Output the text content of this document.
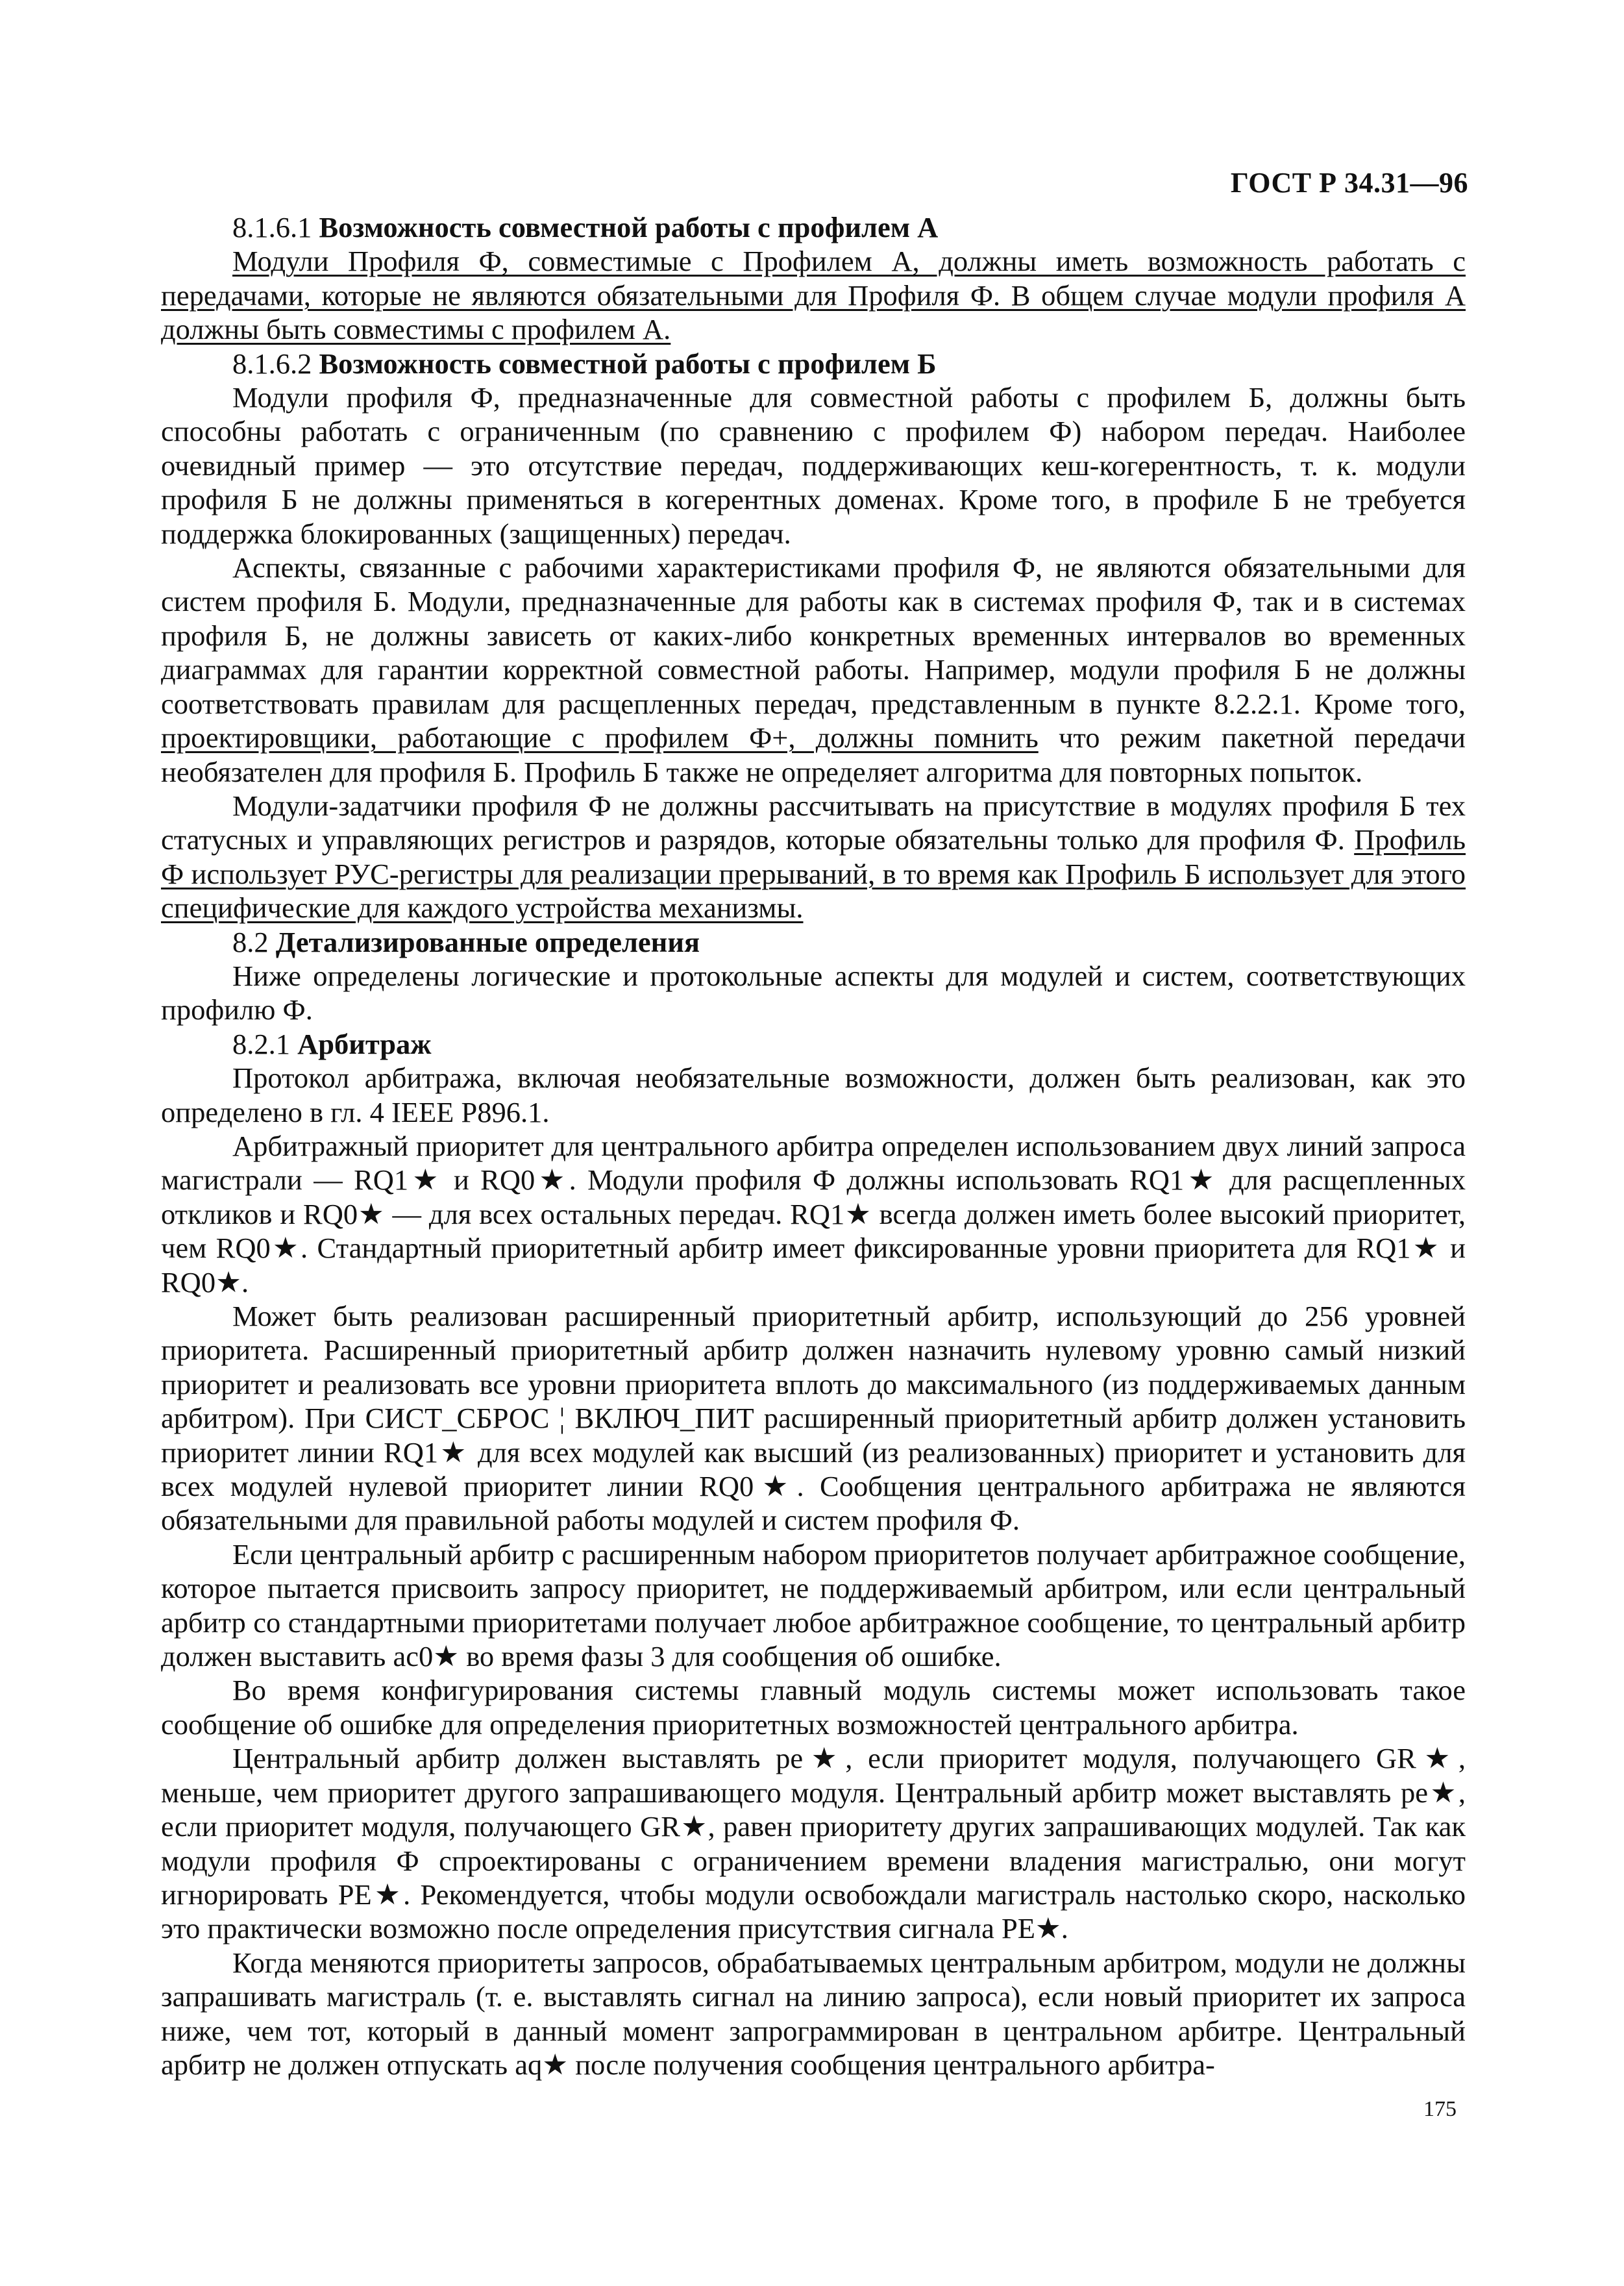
ГОСТ Р 34.31—96
8.1.6.1 Возможность совместной работы с профилем А

Модули Профиля Ф, совместимые с Профилем А, должны иметь возможность работать с передачами, которые не являются обязательными для Профиля Ф. В общем случае модули профиля А должны быть совместимы с профилем А.

8.1.6.2 Возможность совместной работы с профилем Б

Модули профиля Ф, предназначенные для совместной работы с профилем Б, должны быть способны работать с ограниченным (по сравнению с профилем Ф) набором передач. Наиболее очевидный пример — это отсутствие передач, поддерживающих кеш-когерентность, т. к. модули профиля Б не должны применяться в когерентных доменах. Кроме того, в профиле Б не требуется поддержка блокированных (защищенных) передач.

Аспекты, связанные с рабочими характеристиками профиля Ф, не являются обязательными для систем профиля Б. Модули, предназначенные для работы как в системах профиля Ф, так и в системах профиля Б, не должны зависеть от каких-либо конкретных временных интервалов во временных диаграммах для гарантии корректной совместной работы. Например, модули профиля Б не должны соответствовать правилам для расщепленных передач, представленным в пункте 8.2.2.1. Кроме того, проектировщики, работающие с профилем Ф+, должны помнить что режим пакетной передачи необязателен для профиля Б. Профиль Б также не определяет алгоритма для повторных попыток.

Модули-задатчики профиля Ф не должны рассчитывать на присутствие в модулях профиля Б тех статусных и управляющих регистров и разрядов, которые обязательны только для профиля Ф. Профиль Ф использует РУС-регистры для реализации прерываний, в то время как Профиль Б использует для этого специфические для каждого устройства механизмы.

8.2 Детализированные определения

Ниже определены логические и протокольные аспекты для модулей и систем, соответствующих профилю Ф.

8.2.1 Арбитраж

Протокол арбитража, включая необязательные возможности, должен быть реализован, как это определено в гл. 4 IEEE P896.1.

Арбитражный приоритет для центрального арбитра определен использованием двух линий запроса магистрали — RQ1★ и RQ0★. Модули профиля Ф должны использовать RQ1★ для расщепленных откликов и RQ0★ — для всех остальных передач. RQ1★ всегда должен иметь более высокий приоритет, чем RQ0★. Стандартный приоритетный арбитр имеет фиксированные уровни приоритета для RQ1★ и RQ0★.

Может быть реализован расширенный приоритетный арбитр, использующий до 256 уровней приоритета. Расширенный приоритетный арбитр должен назначить нулевому уровню самый низкий приоритет и реализовать все уровни приоритета вплоть до максимального (из поддерживаемых данным арбитром). При СИСТ_СБРОС ¦ ВКЛЮЧ_ПИТ расширенный приоритетный арбитр должен установить приоритет линии RQ1★ для всех модулей как высший (из реализованных) приоритет и установить для всех модулей нулевой приоритет линии RQ0★. Сообщения центрального арбитража не являются обязательными для правильной работы модулей и систем профиля Ф.

Если центральный арбитр с расширенным набором приоритетов получает арбитражное сообщение, которое пытается присвоить запросу приоритет, не поддерживаемый арбитром, или если центральный арбитр со стандартными приоритетами получает любое арбитражное сообщение, то центральный арбитр должен выставить ac0★ во время фазы 3 для сообщения об ошибке.

Во время конфигурирования системы главный модуль системы может использовать такое сообщение об ошибке для определения приоритетных возможностей центрального арбитра.

Центральный арбитр должен выставлять pe★, если приоритет модуля, получающего GR★, меньше, чем приоритет другого запрашивающего модуля. Центральный арбитр может выставлять pe★, если приоритет модуля, получающего GR★, равен приоритету других запрашивающих модулей. Так как модули профиля Ф спроектированы с ограничением времени владения магистралью, они могут игнорировать PE★. Рекомендуется, чтобы модули освобождали магистраль настолько скоро, насколько это практически возможно после определения присутствия сигнала PE★.

Когда меняются приоритеты запросов, обрабатываемых центральным арбитром, модули не должны запрашивать магистраль (т. е. выставлять сигнал на линию запроса), если новый приоритет их запроса ниже, чем тот, который в данный момент запрограммирован в центральном арбитре. Центральный арбитр не должен отпускать aq★ после получения сообщения центрального арбитра-

175
